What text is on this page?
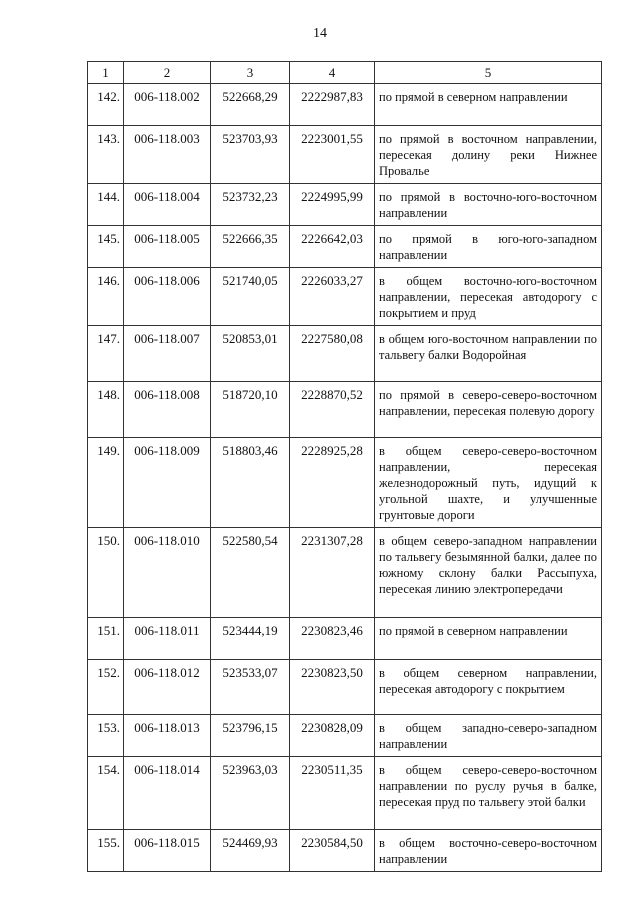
14
1	2	3	4	5
142.	006-118.002	522668,29	2222987,83	по прямой в северном направлении
143.	006-118.003	523703,93	2223001,55	по прямой в восточном направлении, пересекая долину реки Нижнее Провалье
144.	006-118.004	523732,23	2224995,99	по прямой в восточно-юго-восточном направлении
145.	006-118.005	522666,35	2226642,03	по прямой в юго-юго-западном направлении
146.	006-118.006	521740,05	2226033,27	в общем восточно-юго-восточном направлении, пересекая автодорогу с покрытием и пруд
147.	006-118.007	520853,01	2227580,08	в общем юго-восточном направлении по тальвегу балки Водоройная
148.	006-118.008	518720,10	2228870,52	по прямой в северо-северо-восточном направлении, пересекая полевую дорогу
149.	006-118.009	518803,46	2228925,28	в общем северо-северо-восточном направлении, пересекая железнодорожный путь, идущий к угольной шахте, и улучшенные грунтовые дороги
150.	006-118.010	522580,54	2231307,28	в общем северо-западном направлении по тальвегу безымянной балки, далее по южному склону балки Рассыпуха, пересекая линию электропередачи
151.	006-118.011	523444,19	2230823,46	по прямой в северном направлении
152.	006-118.012	523533,07	2230823,50	в общем северном направлении, пересекая автодорогу с покрытием
153.	006-118.013	523796,15	2230828,09	в общем западно-северо-западном направлении
154.	006-118.014	523963,03	2230511,35	в общем северо-северо-восточном направлении по руслу ручья в балке, пересекая пруд по тальвегу этой балки
155.	006-118.015	524469,93	2230584,50	в общем восточно-северо-восточном направлении
